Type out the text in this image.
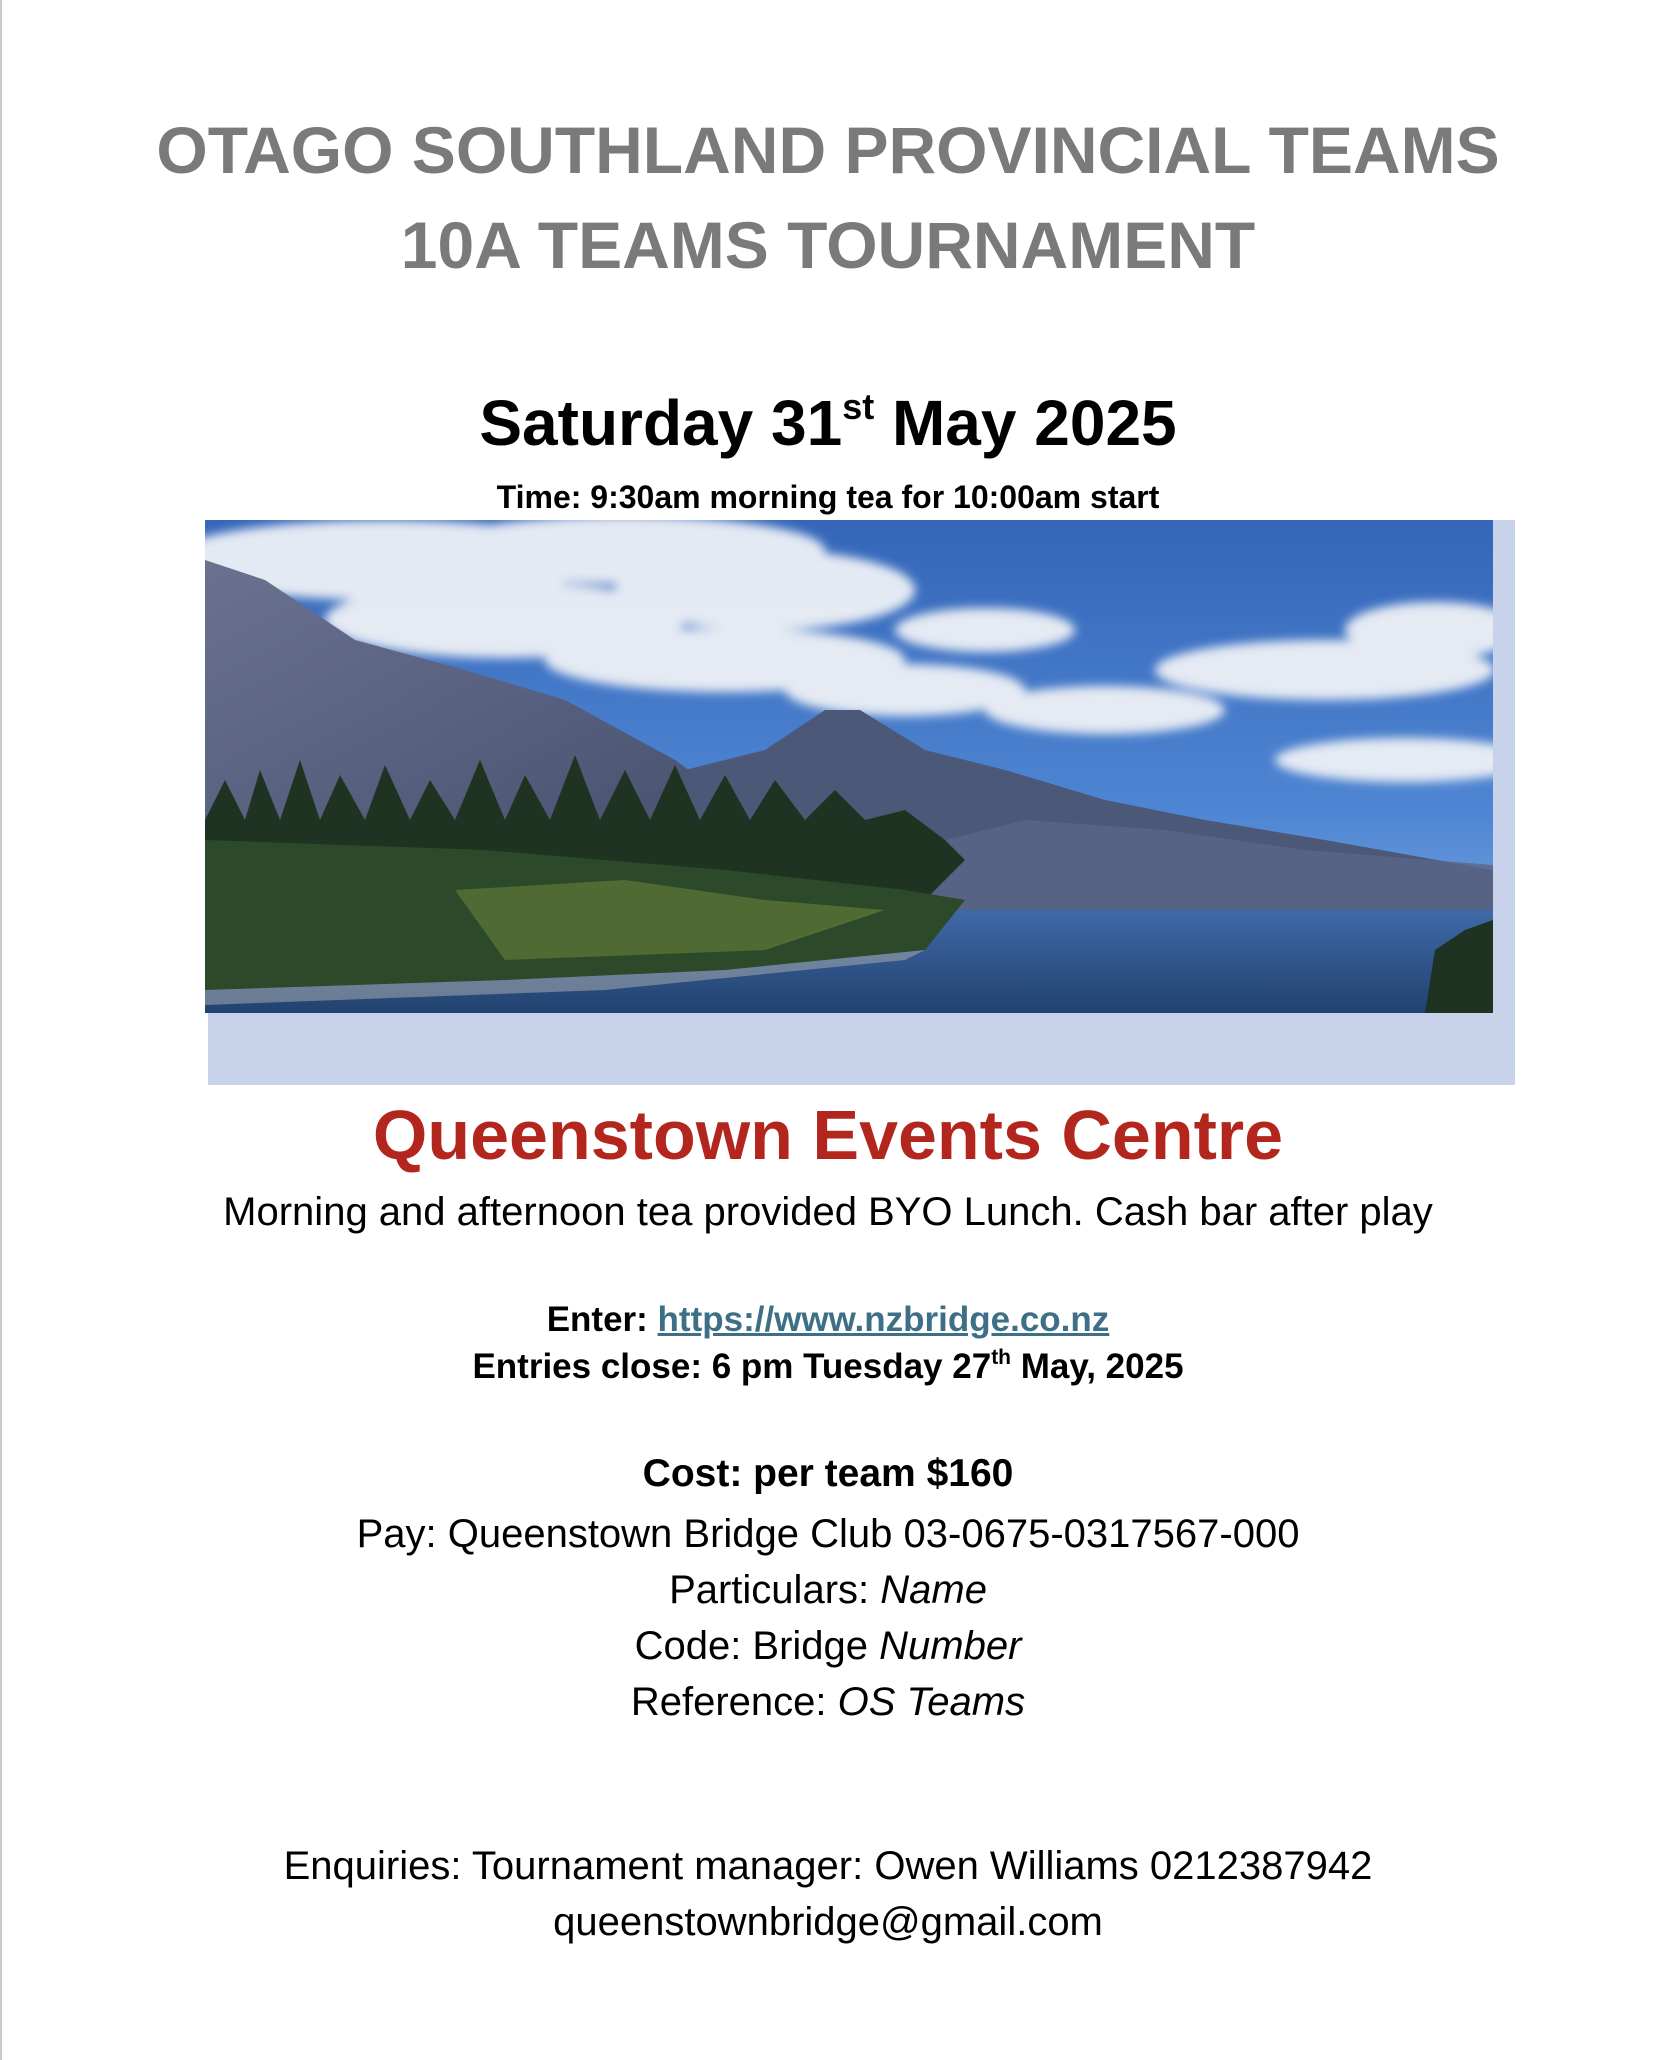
OTAGO SOUTHLAND PROVINCIAL TEAMS
10A TEAMS TOURNAMENT
Saturday 31st May 2025
Time: 9:30am morning tea for 10:00am start
Queenstown Events Centre
Morning and afternoon tea provided BYO Lunch. Cash bar after play
Enter: https://www.nzbridge.co.nz
Entries close: 6 pm Tuesday 27th May, 2025
Cost: per team $160
Pay: Queenstown Bridge Club 03-0675-0317567-000
Particulars: Name
Code: Bridge Number
Reference: OS Teams
Enquiries: Tournament manager: Owen Williams 0212387942
queenstownbridge@gmail.com
